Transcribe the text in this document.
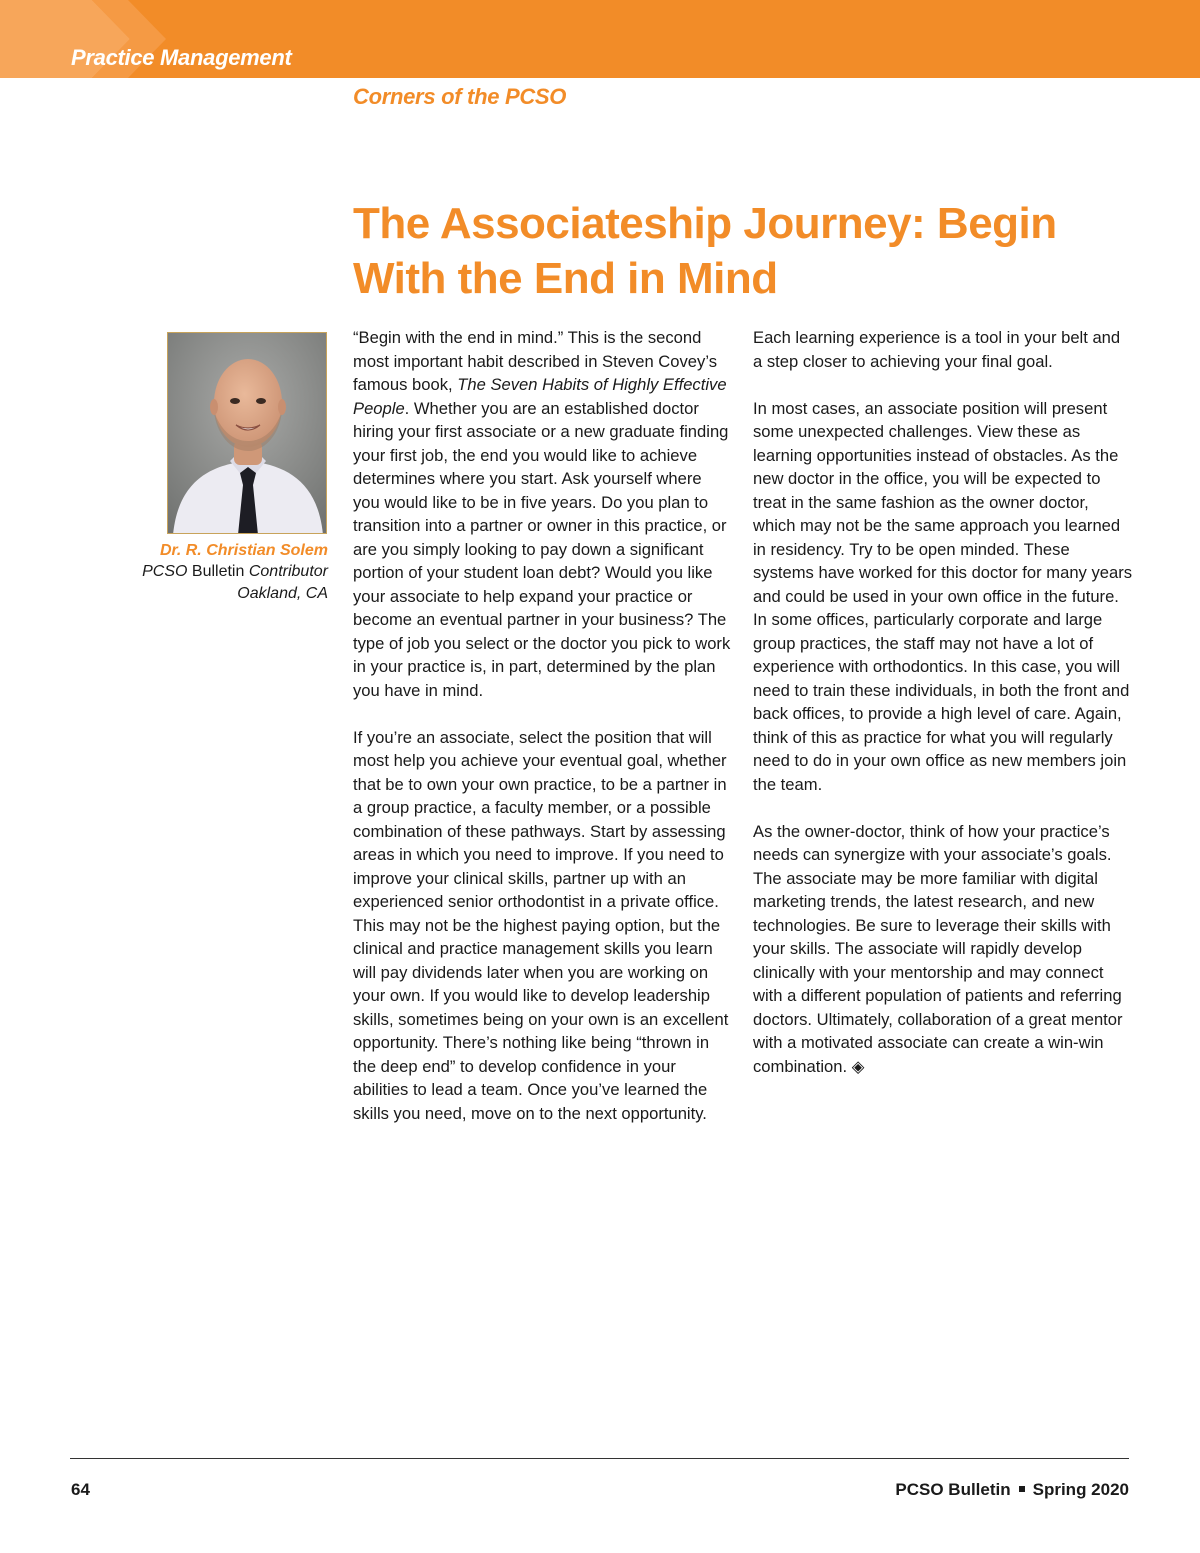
Practice Management
Corners of the PCSO
The Associateship Journey: Begin With the End in Mind
Dr. R. Christian Solem
PCSO Bulletin Contributor
Oakland, CA

“Begin with the end in mind.” This is the second most important habit described in Steven Covey’s famous book, The Seven Habits of Highly Effective People. Whether you are an established doctor hiring your first associate or a new graduate finding your first job, the end you would like to achieve determines where you start. Ask yourself where you would like to be in five years. Do you plan to transition into a partner or owner in this practice, or are you simply looking to pay down a significant portion of your student loan debt? Would you like your associate to help expand your practice or become an eventual partner in your business? The type of job you select or the doctor you pick to work in your practice is, in part, determined by the plan you have in mind.

If you’re an associate, select the position that will most help you achieve your eventual goal, whether that be to own your own practice, to be a partner in a group practice, a faculty member, or a possible combination of these pathways. Start by assessing areas in which you need to improve. If you need to improve your clinical skills, partner up with an experienced senior orthodontist in a private office. This may not be the highest paying option, but the clinical and practice management skills you learn will pay dividends later when you are working on your own. If you would like to develop leadership skills, sometimes being on your own is an excellent opportunity. There’s nothing like being “thrown in the deep end” to develop confidence in your abilities to lead a team. Once you’ve learned the skills you need, move on to the next opportunity.

Each learning experience is a tool in your belt and a step closer to achieving your final goal.

In most cases, an associate position will present some unexpected challenges. View these as learning opportunities instead of obstacles. As the new doctor in the office, you will be expected to treat in the same fashion as the owner doctor, which may not be the same approach you learned in residency. Try to be open minded. These systems have worked for this doctor for many years and could be used in your own office in the future. In some offices, particularly corporate and large group practices, the staff may not have a lot of experience with orthodontics. In this case, you will need to train these individuals, in both the front and back offices, to provide a high level of care. Again, think of this as practice for what you will regularly need to do in your own office as new members join the team.

As the owner-doctor, think of how your practice’s needs can synergize with your associate’s goals. The associate may be more familiar with digital marketing trends, the latest research, and new technologies. Be sure to leverage their skills with your skills. The associate will rapidly develop clinically with your mentorship and may connect with a different population of patients and referring doctors. Ultimately, collaboration of a great mentor with a motivated associate can create a win-win combination. ◈

64	PCSO Bulletin Spring 2020
